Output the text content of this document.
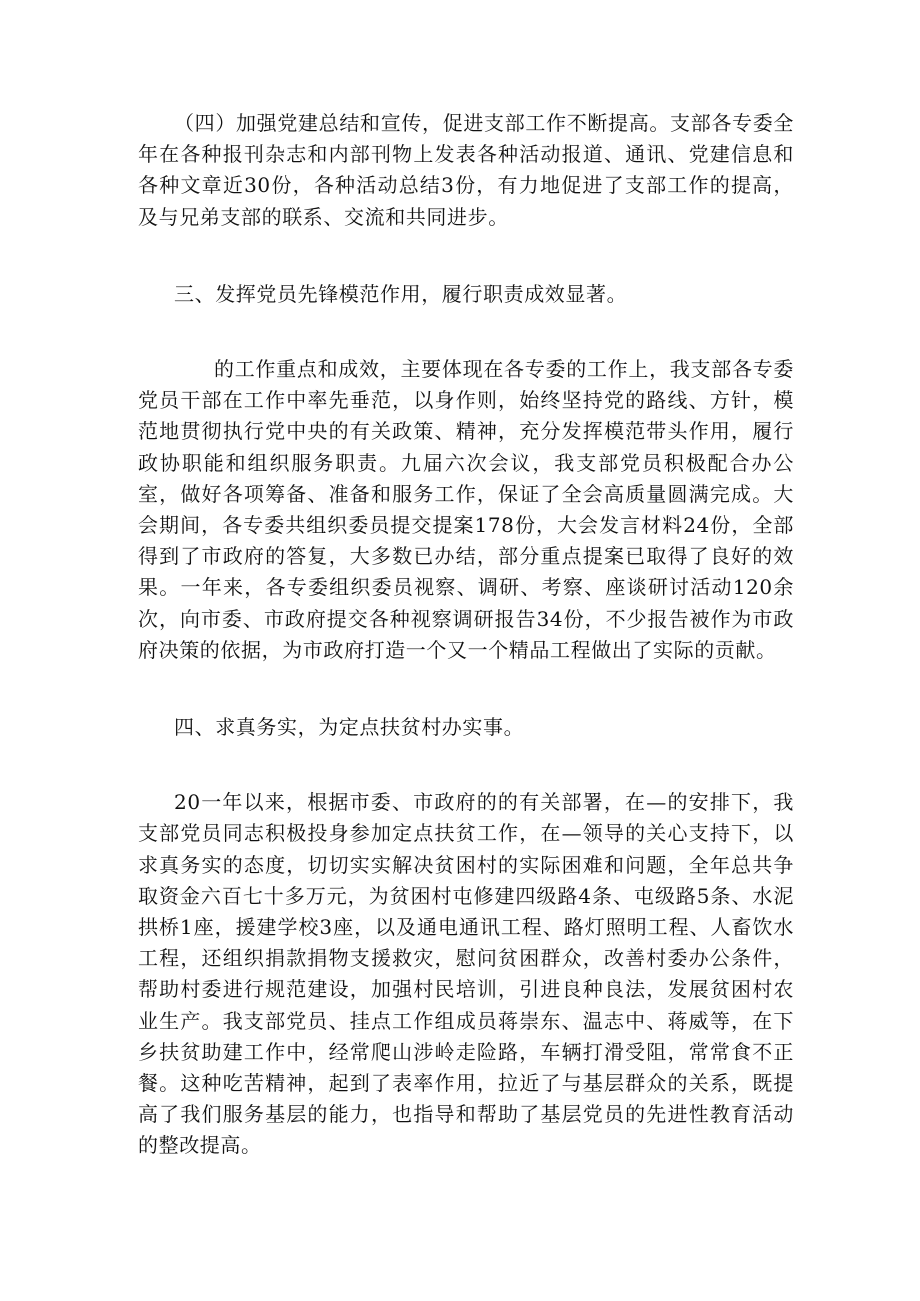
（四）加强党建总结和宣传，促进支部工作不断提高。支部各专委全年在各种报刊杂志和内部刊物上发表各种活动报道、通讯、党建信息和各种文章近30份，各种活动总结3份，有力地促进了支部工作的提高，及与兄弟支部的联系、交流和共同进步。

三、发挥党员先锋模范作用，履行职责成效显著。

的工作重点和成效，主要体现在各专委的工作上，我支部各专委党员干部在工作中率先垂范，以身作则，始终坚持党的路线、方针，模范地贯彻执行党中央的有关政策、精神，充分发挥模范带头作用，履行政协职能和组织服务职责。九届六次会议，我支部党员积极配合办公室，做好各项筹备、准备和服务工作，保证了全会高质量圆满完成。大会期间，各专委共组织委员提交提案178份，大会发言材料24份，全部得到了市政府的答复，大多数已办结，部分重点提案已取得了良好的效果。一年来，各专委组织委员视察、调研、考察、座谈研讨活动120余次，向市委、市政府提交各种视察调研报告34份，不少报告被作为市政府决策的依据，为市政府打造一个又一个精品工程做出了实际的贡献。

四、求真务实，为定点扶贫村办实事。

20一年以来，根据市委、市政府的的有关部署，在—的安排下，我支部党员同志积极投身参加定点扶贫工作，在—领导的关心支持下，以求真务实的态度，切切实实解决贫困村的实际困难和问题，全年总共争取资金六百七十多万元，为贫困村屯修建四级路4条、屯级路5条、水泥拱桥1座，援建学校3座，以及通电通讯工程、路灯照明工程、人畜饮水工程，还组织捐款捐物支援救灾，慰问贫困群众，改善村委办公条件，帮助村委进行规范建设，加强村民培训，引进良种良法，发展贫困村农业生产。我支部党员、挂点工作组成员蒋崇东、温志中、蒋威等，在下乡扶贫助建工作中，经常爬山涉岭走险路，车辆打滑受阻，常常食不正餐。这种吃苦精神，起到了表率作用，拉近了与基层群众的关系，既提高了我们服务基层的能力，也指导和帮助了基层党员的先进性教育活动的整改提高。
